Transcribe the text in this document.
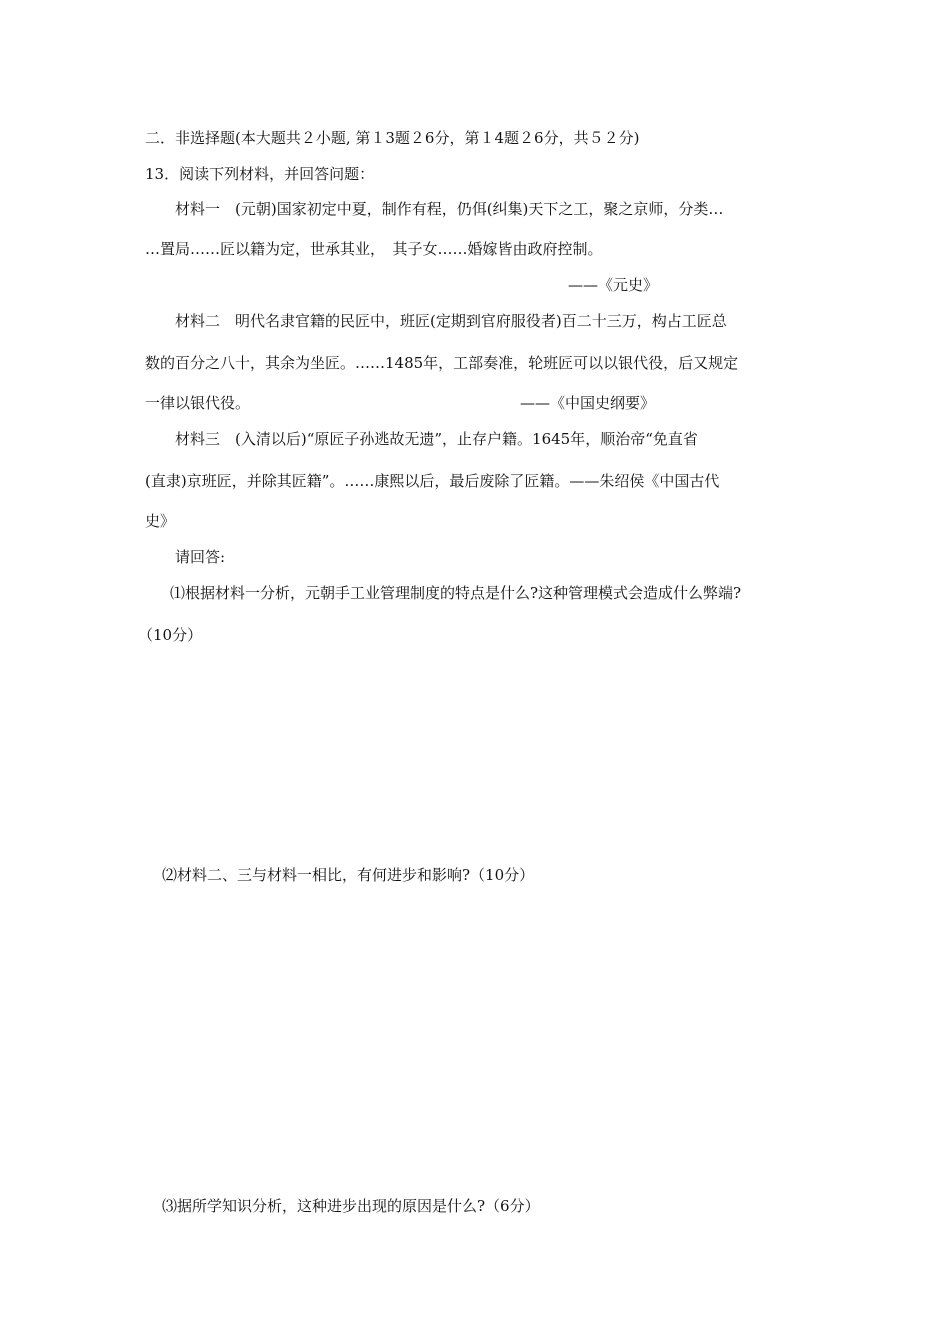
二．非选择题(本大题共２小题, 第１3题２6分，第１4题２6分，共５２分)
13．阅读下列材料，并回答问题：
材料一　(元朝)国家初定中夏，制作有程，仍佴(纠集)天下之工，聚之京师，分类…
…置局……匠以籍为定，世承其业，　其子女……婚嫁皆由政府控制。
——《元史》
材料二　明代名隶官籍的民匠中，班匠(定期到官府服役者)百二十三万，构占工匠总
数的百分之八十，其余为坐匠。……1485年，工部奏准，轮班匠可以以银代役，后又规定
一律以银代役。	——《中国史纲要》
材料三　(入清以后)“原匠子孙逃故无遗”，止存户籍。1645年，顺治帝“免直省
(直隶)京班匠，并除其匠籍”。……康熙以后，最后废除了匠籍。——朱绍侯《中国古代
史》
请回答:
⑴根据材料一分析，元朝手工业管理制度的特点是什么?这种管理模式会造成什么弊端?
（10分）
⑵材料二、三与材料一相比，有何进步和影响?（10分）
⑶据所学知识分析，这种进步出现的原因是什么?（6分）
